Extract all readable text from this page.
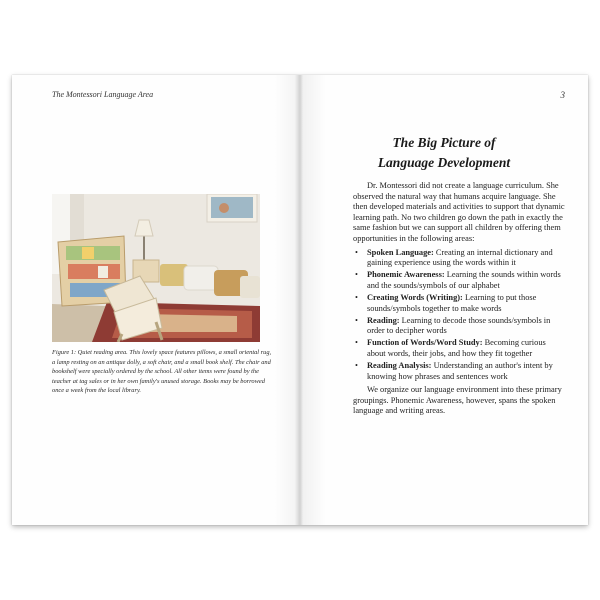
The Montessori Language Area
Figure 1: Quiet reading area. This lovely space features pillows, a small oriental rug, a lamp resting on an antique dolly, a soft chair, and a small book shelf. The chair and bookshelf were specially ordered by the school. All other items were found by the teacher at tag sales or in her own family's unused storage. Books may be borrowed once a week from the local library.
3
The Big Picture of
Language Development

Dr. Montessori did not create a language curriculum. She observed the natural way that humans acquire language. She then developed materials and activities to support that dynamic learning path. No two children go down the path in exactly the same fashion but we can support all children by offering them opportunities in the following areas:

• Spoken Language: Creating an internal dictionary and gaining experience using the words within it
• Phonemic Awareness: Learning the sounds within words and the sounds/symbols of our alphabet
• Creating Words (Writing): Learning to put those sounds/symbols together to make words
• Reading: Learning to decode those sounds/symbols in order to decipher words
• Function of Words/Word Study: Becoming curious about words, their jobs, and how they fit together
• Reading Analysis: Understanding an author's intent by knowing how phrases and sentences work

We organize our language environment into these primary groupings. Phonemic Awareness, however, spans the spoken language and writing areas.
